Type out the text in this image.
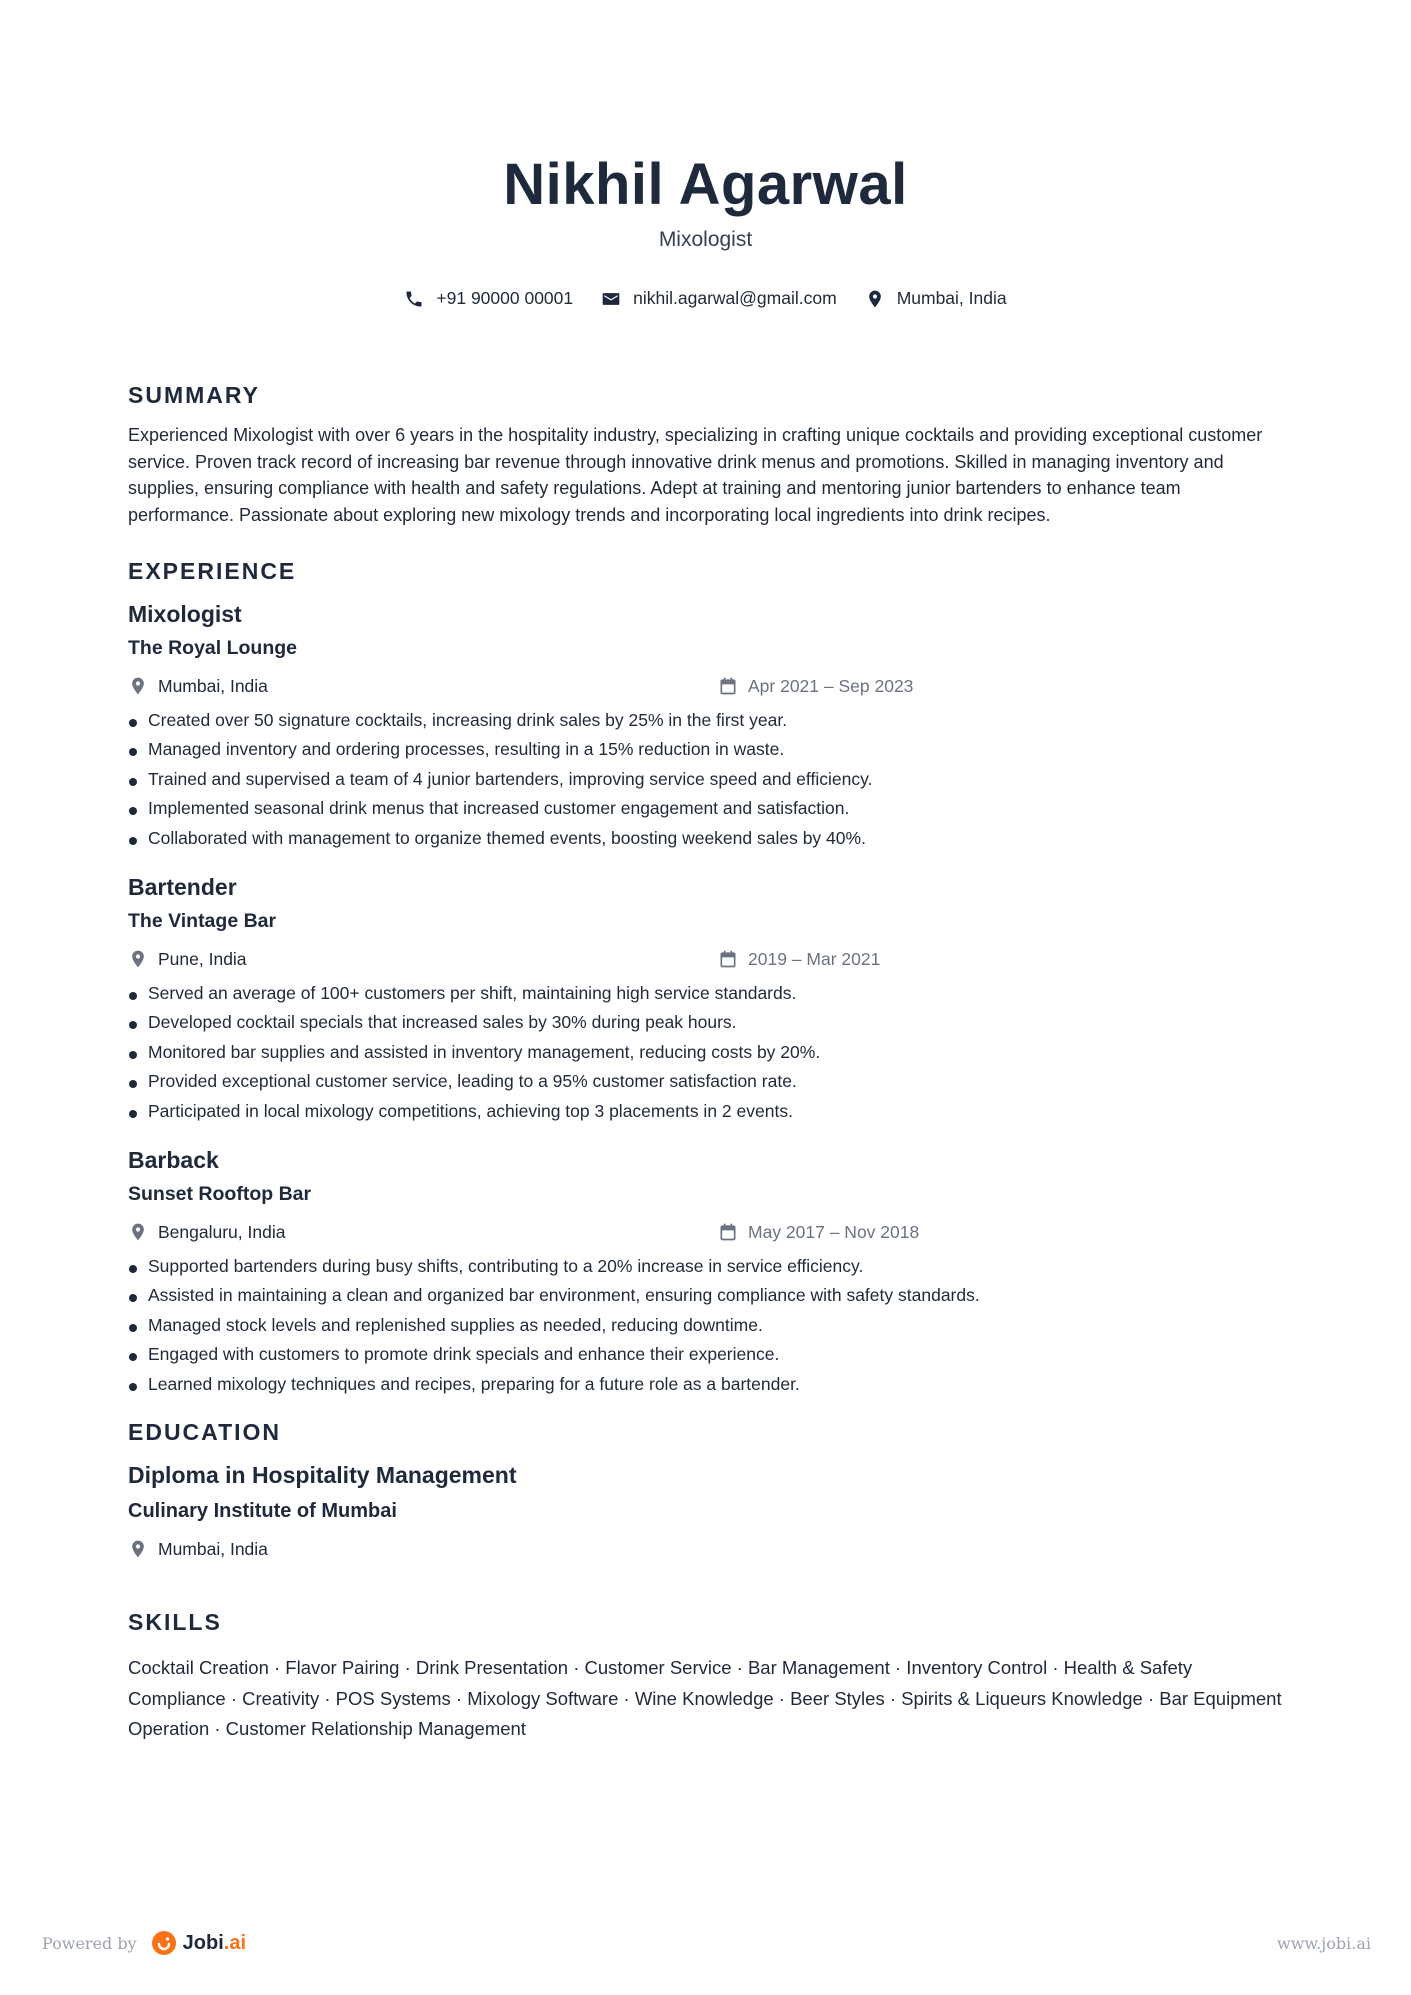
Nikhil Agarwal
Mixologist
+91 90000 00001	nikhil.agarwal@gmail.com	Mumbai, India
SUMMARY
Experienced Mixologist with over 6 years in the hospitality industry, specializing in crafting unique cocktails and providing exceptional customer service. Proven track record of increasing bar revenue through innovative drink menus and promotions. Skilled in managing inventory and supplies, ensuring compliance with health and safety regulations. Adept at training and mentoring junior bartenders to enhance team performance. Passionate about exploring new mixology trends and incorporating local ingredients into drink recipes.
EXPERIENCE
Mixologist
The Royal Lounge
Mumbai, India	Apr 2021 – Sep 2023
Created over 50 signature cocktails, increasing drink sales by 25% in the first year.
Managed inventory and ordering processes, resulting in a 15% reduction in waste.
Trained and supervised a team of 4 junior bartenders, improving service speed and efficiency.
Implemented seasonal drink menus that increased customer engagement and satisfaction.
Collaborated with management to organize themed events, boosting weekend sales by 40%.
Bartender
The Vintage Bar
Pune, India	2019 – Mar 2021
Served an average of 100+ customers per shift, maintaining high service standards.
Developed cocktail specials that increased sales by 30% during peak hours.
Monitored bar supplies and assisted in inventory management, reducing costs by 20%.
Provided exceptional customer service, leading to a 95% customer satisfaction rate.
Participated in local mixology competitions, achieving top 3 placements in 2 events.
Barback
Sunset Rooftop Bar
Bengaluru, India	May 2017 – Nov 2018
Supported bartenders during busy shifts, contributing to a 20% increase in service efficiency.
Assisted in maintaining a clean and organized bar environment, ensuring compliance with safety standards.
Managed stock levels and replenished supplies as needed, reducing downtime.
Engaged with customers to promote drink specials and enhance their experience.
Learned mixology techniques and recipes, preparing for a future role as a bartender.
EDUCATION
Diploma in Hospitality Management
Culinary Institute of Mumbai
Mumbai, India
SKILLS
Cocktail Creation · Flavor Pairing · Drink Presentation · Customer Service · Bar Management · Inventory Control · Health & Safety Compliance · Creativity · POS Systems · Mixology Software · Wine Knowledge · Beer Styles · Spirits & Liqueurs Knowledge · Bar Equipment Operation · Customer Relationship Management
Powered by Jobi.ai	www.jobi.ai
